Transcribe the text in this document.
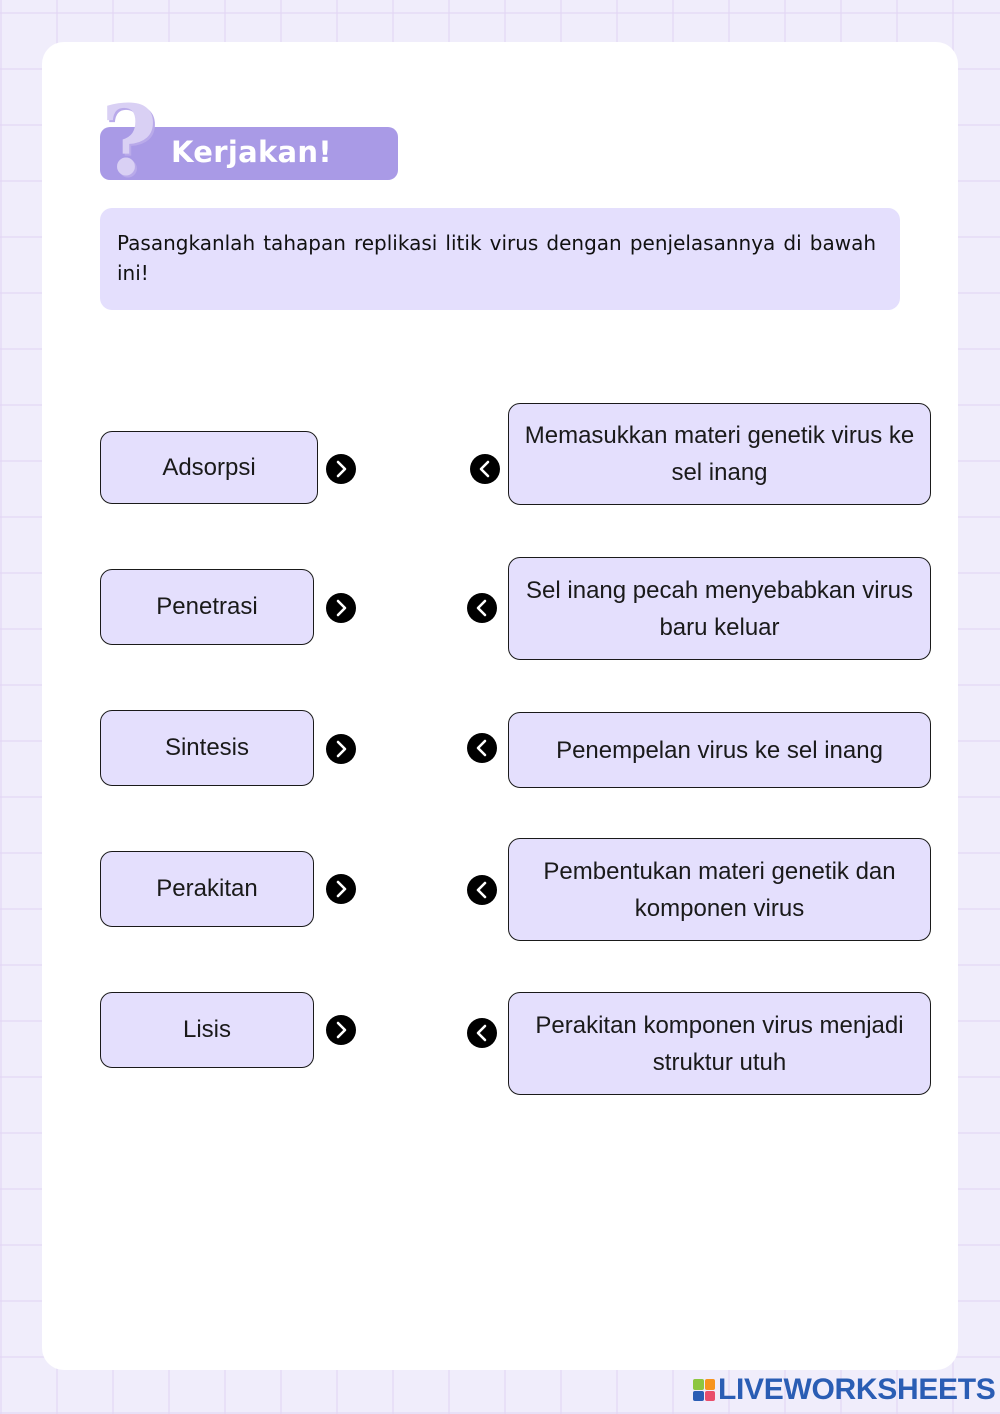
? Kerjakan!
Pasangkanlah tahapan replikasi litik virus dengan penjelasannya di bawah ini!
Adsorpsi
Penetrasi
Sintesis
Perakitan
Lisis
Memasukkan materi genetik virus ke sel inang
Sel inang pecah menyebabkan virus baru keluar
Penempelan virus ke sel inang
Pembentukan materi genetik dan komponen virus
Perakitan komponen virus menjadi struktur utuh
LIVEWORKSHEETS
